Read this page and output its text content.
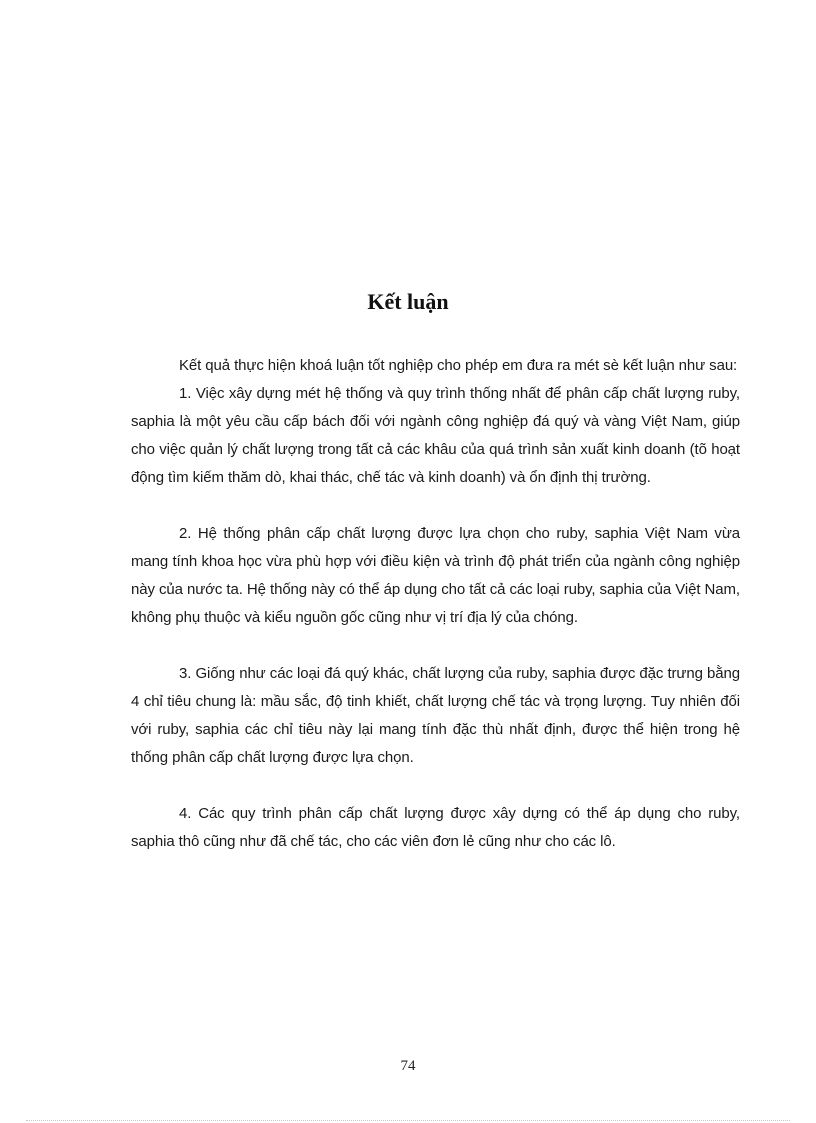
Kết luận

Kết quả thực hiện khoá luận tốt nghiệp cho phép em đưa ra mét sè kết luận như sau:

1. Việc xây dựng mét hệ thống và quy trình thống nhất để phân cấp chất lượng ruby, saphia là một yêu cầu cấp bách đối với ngành công nghiệp đá quý và vàng Việt Nam, giúp cho việc quản lý chất lượng trong tất cả các khâu của quá trình sản xuất kinh doanh (tõ hoạt động tìm kiếm thăm dò, khai thác, chế tác và kinh doanh) và ổn định thị trường.

2. Hệ thống phân cấp chất lượng được lựa chọn cho ruby, saphia Việt Nam vừa mang tính khoa học vừa phù hợp với điều kiện và trình độ phát triển của ngành công nghiệp này của nước ta. Hệ thống này có thể áp dụng cho tất cả các loại ruby, saphia của Việt Nam, không phụ thuộc và kiểu nguồn gốc cũng như vị trí địa lý của chóng.

3. Giống như các loại đá quý khác, chất lượng của ruby, saphia được đặc trưng bằng 4 chỉ tiêu chung là: mầu sắc, độ tinh khiết, chất lượng chế tác và trọng lượng. Tuy nhiên đối với ruby, saphia các chỉ tiêu này lại mang tính đặc thù nhất định, được thể hiện trong hệ thống phân cấp chất lượng được lựa chọn.

4. Các quy trình phân cấp chất lượng được xây dựng có thể áp dụng cho ruby, saphia thô cũng như đã chế tác, cho các viên đơn lẻ cũng như cho các lô.

74
